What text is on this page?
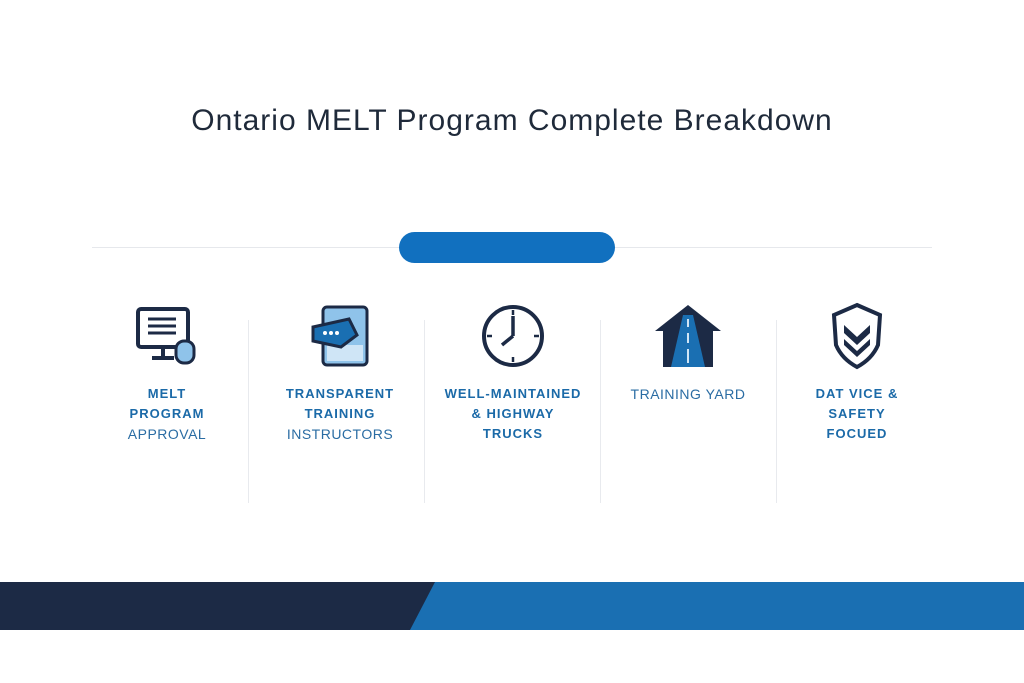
Ontario MELT Program Complete Breakdown
MELT
PROGRAM
APPROVAL
TRANSPARENT
TRAINING
INSTRUCTORS
WELL-MAINTAINED
& HIGHWAY
TRUCKS
TRAINING YARD	DAT VICE &
SAFETY
FOCUED
